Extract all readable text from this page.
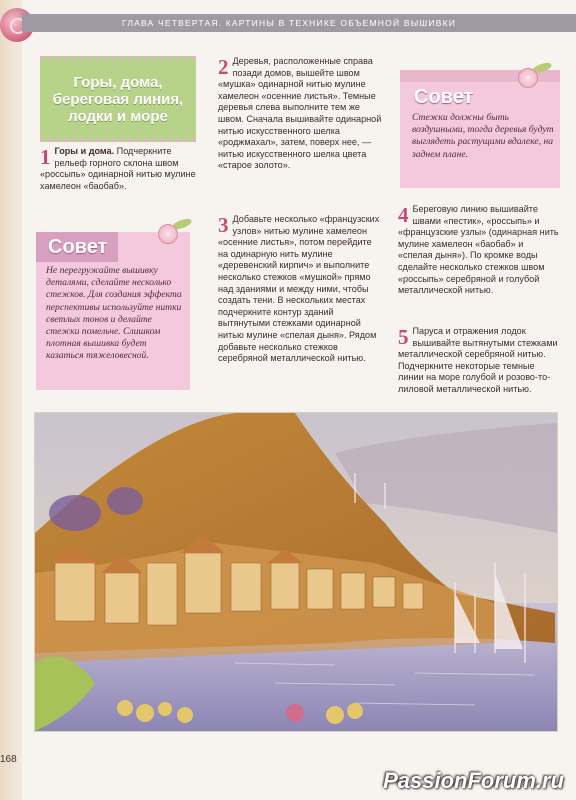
ГЛАВА ЧЕТВЕРТАЯ. КАРТИНЫ В ТЕХНИКЕ ОБЪЕМНОЙ ВЫШИВКИ
Горы, дома, береговая линия, лодки и море
1 Горы и дома. Подчеркните рельеф горного склона швом «россыпь» одинарной нитью мулине хамелеон «баобаб».
Совет
Не перегружайте вышивку деталями, сделайте несколько стежков. Для создания эффекта перспективы используйте нитки светлых тонов и делайте стежки помельче. Слишком плотная вышивка будет казаться тяжеловесной.
2 Деревья, расположенные справа позади домов, вышейте швом «мушка» одинарной нитью мулине хамелеон «осенние листья». Темные деревья слева выполните тем же швом. Сначала вышивайте одинарной нитью искусственного шелка «роджмахал», затем, поверх нее, — нитью искусственного шелка цвета «старое золото».
3 Добавьте несколько «французских узлов» нитью мулине хамелеон «осенние листья», потом перейдите на одинарную нить мулине «деревенский кирпич» и выполните несколько стежков «мушкой» прямо над зданиями и между ними, чтобы создать тени. В нескольких местах подчеркните контур зданий вытянутыми стежками одинарной нитью мулине «спелая дыня». Рядом добавьте несколько стежков серебряной металлической нитью.
Совет
Стежки должны быть воздушными, тогда деревья будут выглядеть растущими вдалеке, на заднем плане.
4 Береговую линию вышивайте швами «пестик», «россыпь» и «французские узлы» (одинарная нить мулине хамелеон «баобаб» и «спелая дыня»). По кромке воды сделайте несколько стежков швом «россыпь» серебряной и голубой металлической нитью.
5 Паруса и отражения лодок вышивайте вытянутыми стежками металлической серебряной нитью. Подчеркните некоторые темные линии на море голубой и розово-то-лиловой металлической нитью.
168
PassionForum.ru
